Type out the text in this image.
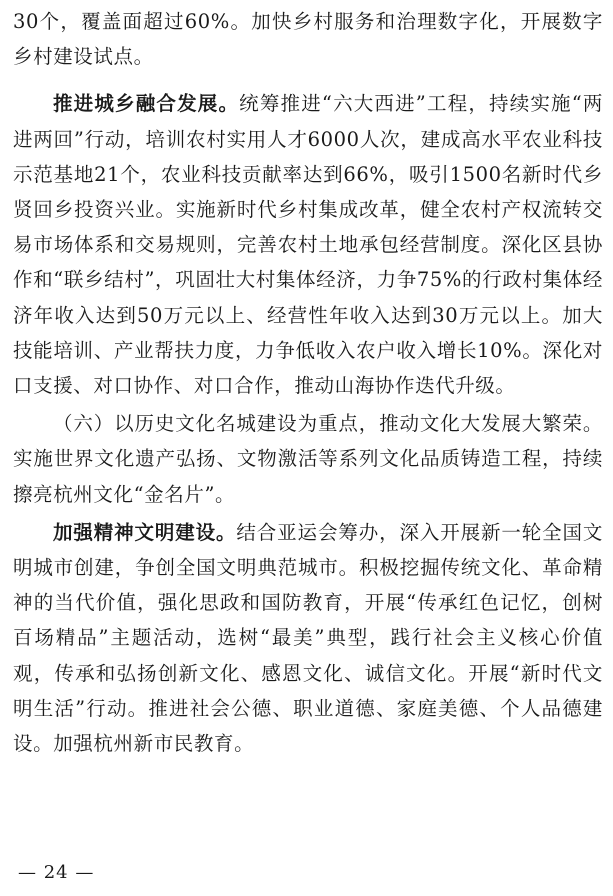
30个，覆盖面超过60%。加快乡村服务和治理数字化，开展数字乡村建设试点。

推进城乡融合发展。统筹推进“六大西进”工程，持续实施“两进两回”行动，培训农村实用人才6000人次，建成高水平农业科技示范基地21个，农业科技贡献率达到66%，吸引1500名新时代乡贤回乡投资兴业。实施新时代乡村集成改革，健全农村产权流转交易市场体系和交易规则，完善农村土地承包经营制度。深化区县协作和“联乡结村”，巩固壮大村集体经济，力争75%的行政村集体经济年收入达到50万元以上、经营性年收入达到30万元以上。加大技能培训、产业帮扶力度，力争低收入农户收入增长10%。深化对口支援、对口协作、对口合作，推动山海协作迭代升级。

（六）以历史文化名城建设为重点，推动文化大发展大繁荣。实施世界文化遗产弘扬、文物激活等系列文化品质铸造工程，持续擦亮杭州文化“金名片”。

加强精神文明建设。结合亚运会筹办，深入开展新一轮全国文明城市创建，争创全国文明典范城市。积极挖掘传统文化、革命精神的当代价值，强化思政和国防教育，开展“传承红色记忆，创树百场精品”主题活动，选树“最美”典型，践行社会主义核心价值观，传承和弘扬创新文化、感恩文化、诚信文化。开展“新时代文明生活”行动。推进社会公德、职业道德、家庭美德、个人品德建设。加强杭州新市民教育。

— 24 —
